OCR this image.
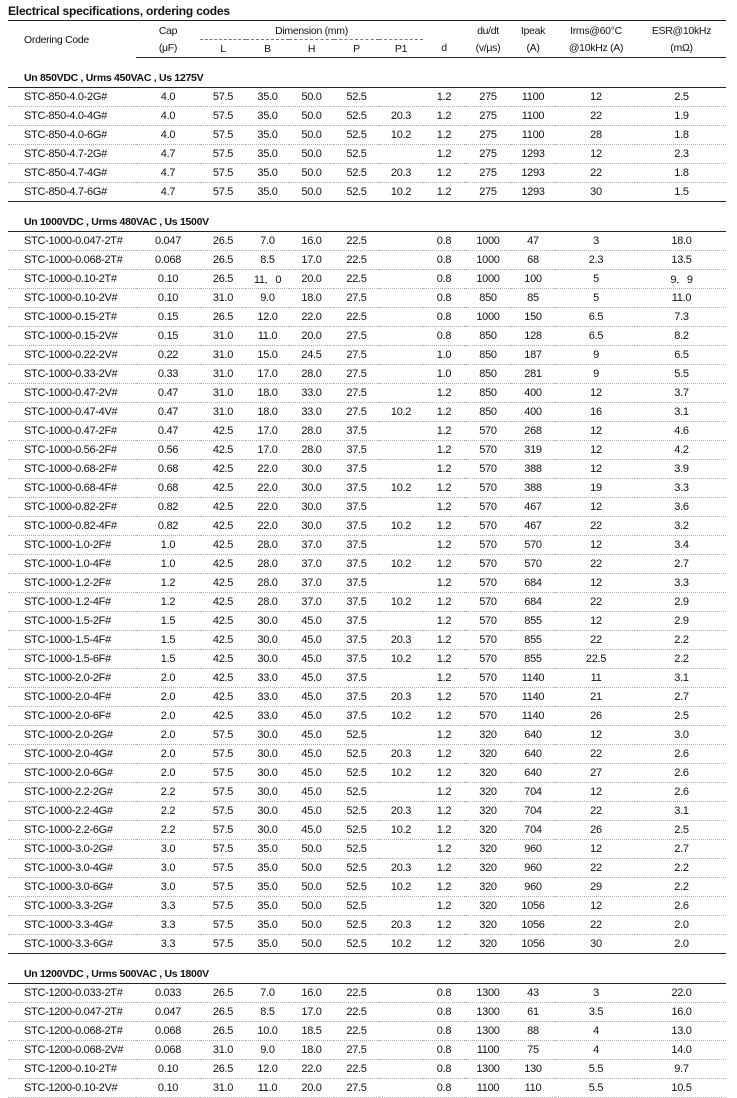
Electrical specifications, ordering codes
Ordering Code	Cap	Dimension (mm)						du/dt	Ipeak	Irms@60°C	ESR@10kHz
	(μF)	L	B	H	P	P1	d	(v/μs)	(A)	@10kHz (A)	(mΩ)
Un 850VDC , Urms 450VAC , Us 1275V											
STC-850-4.0-2G#	4.0	57.5	35.0	50.0	52.5		1.2	275	1100	12	2.5
STC-850-4.0-4G#	4.0	57.5	35.0	50.0	52.5	20.3	1.2	275	1100	22	1.9
STC-850-4.0-6G#	4.0	57.5	35.0	50.0	52.5	10.2	1.2	275	1100	28	1.8
STC-850-4.7-2G#	4.7	57.5	35.0	50.0	52.5		1.2	275	1293	12	2.3
STC-850-4.7-4G#	4.7	57.5	35.0	50.0	52.5	20.3	1.2	275	1293	22	1.8
STC-850-4.7-6G#	4.7	57.5	35.0	50.0	52.5	10.2	1.2	275	1293	30	1.5
Un 1000VDC , Urms 480VAC , Us 1500V											
STC-1000-0.047-2T#	0.047	26.5	7.0	16.0	22.5		0.8	1000	47	3	18.0
STC-1000-0.068-2T#	0.068	26.5	8.5	17.0	22.5		0.8	1000	68	2.3	13.5
STC-1000-0.10-2T#	0.10	26.5	11．0	20.0	22.5		0.8	1000	100	5	9．9
STC-1000-0.10-2V#	0.10	31.0	9.0	18.0	27.5		0.8	850	85	5	11.0
STC-1000-0.15-2T#	0.15	26.5	12.0	22.0	22.5		0.8	1000	150	6.5	7.3
STC-1000-0.15-2V#	0.15	31.0	11.0	20.0	27.5		0.8	850	128	6.5	8.2
STC-1000-0.22-2V#	0.22	31.0	15.0	24.5	27.5		1.0	850	187	9	6.5
STC-1000-0.33-2V#	0.33	31.0	17.0	28.0	27.5		1.0	850	281	9	5.5
STC-1000-0.47-2V#	0.47	31.0	18.0	33.0	27.5		1.2	850	400	12	3.7
STC-1000-0.47-4V#	0.47	31.0	18.0	33.0	27.5	10.2	1.2	850	400	16	3.1
STC-1000-0.47-2F#	0.47	42.5	17.0	28.0	37.5		1.2	570	268	12	4.6
STC-1000-0.56-2F#	0.56	42.5	17.0	28.0	37.5		1.2	570	319	12	4.2
STC-1000-0.68-2F#	0.68	42.5	22.0	30.0	37.5		1.2	570	388	12	3.9
STC-1000-0.68-4F#	0.68	42.5	22.0	30.0	37.5	10.2	1.2	570	388	19	3.3
STC-1000-0.82-2F#	0.82	42.5	22.0	30.0	37.5		1.2	570	467	12	3.6
STC-1000-0.82-4F#	0.82	42.5	22.0	30.0	37.5	10.2	1.2	570	467	22	3.2
STC-1000-1.0-2F#	1.0	42.5	28.0	37.0	37.5		1.2	570	570	12	3.4
STC-1000-1.0-4F#	1.0	42.5	28.0	37.0	37.5	10.2	1.2	570	570	22	2.7
STC-1000-1.2-2F#	1.2	42.5	28.0	37.0	37.5		1.2	570	684	12	3.3
STC-1000-1.2-4F#	1.2	42.5	28.0	37.0	37.5	10.2	1.2	570	684	22	2.9
STC-1000-1.5-2F#	1.5	42.5	30.0	45.0	37.5		1.2	570	855	12	2.9
STC-1000-1.5-4F#	1.5	42.5	30.0	45.0	37.5	20.3	1.2	570	855	22	2.2
STC-1000-1.5-6F#	1.5	42.5	30.0	45.0	37.5	10.2	1.2	570	855	22.5	2.2
STC-1000-2.0-2F#	2.0	42.5	33.0	45.0	37.5		1.2	570	1140	11	3.1
STC-1000-2.0-4F#	2.0	42.5	33.0	45.0	37.5	20.3	1.2	570	1140	21	2.7
STC-1000-2.0-6F#	2.0	42.5	33.0	45.0	37.5	10.2	1.2	570	1140	26	2.5
STC-1000-2.0-2G#	2.0	57.5	30.0	45.0	52.5		1.2	320	640	12	3.0
STC-1000-2.0-4G#	2.0	57.5	30.0	45.0	52.5	20.3	1.2	320	640	22	2.6
STC-1000-2.0-6G#	2.0	57.5	30.0	45.0	52.5	10.2	1.2	320	640	27	2.6
STC-1000-2.2-2G#	2.2	57.5	30.0	45.0	52.5		1.2	320	704	12	2.6
STC-1000-2.2-4G#	2.2	57.5	30.0	45.0	52.5	20.3	1.2	320	704	22	3.1
STC-1000-2.2-6G#	2.2	57.5	30.0	45.0	52.5	10.2	1.2	320	704	26	2.5
STC-1000-3.0-2G#	3.0	57.5	35.0	50.0	52.5		1.2	320	960	12	2.7
STC-1000-3.0-4G#	3.0	57.5	35.0	50.0	52.5	20.3	1.2	320	960	22	2.2
STC-1000-3.0-6G#	3.0	57.5	35.0	50.0	52.5	10.2	1.2	320	960	29	2.2
STC-1000-3.3-2G#	3.3	57.5	35.0	50.0	52.5		1.2	320	1056	12	2.6
STC-1000-3.3-4G#	3.3	57.5	35.0	50.0	52.5	20.3	1.2	320	1056	22	2.0
STC-1000-3.3-6G#	3.3	57.5	35.0	50.0	52.5	10.2	1.2	320	1056	30	2.0
Un 1200VDC , Urms 500VAC , Us 1800V											
STC-1200-0.033-2T#	0.033	26.5	7.0	16.0	22.5		0.8	1300	43	3	22.0
STC-1200-0.047-2T#	0.047	26.5	8.5	17.0	22.5		0.8	1300	61	3.5	16.0
STC-1200-0.068-2T#	0.068	26.5	10.0	18.5	22.5		0.8	1300	88	4	13.0
STC-1200-0.068-2V#	0.068	31.0	9.0	18.0	27.5		0.8	1100	75	4	14.0
STC-1200-0.10-2T#	0.10	26.5	12.0	22.0	22.5		0.8	1300	130	5.5	9.7
STC-1200-0.10-2V#	0.10	31.0	11.0	20.0	27.5		0.8	1100	110	5.5	10.5
